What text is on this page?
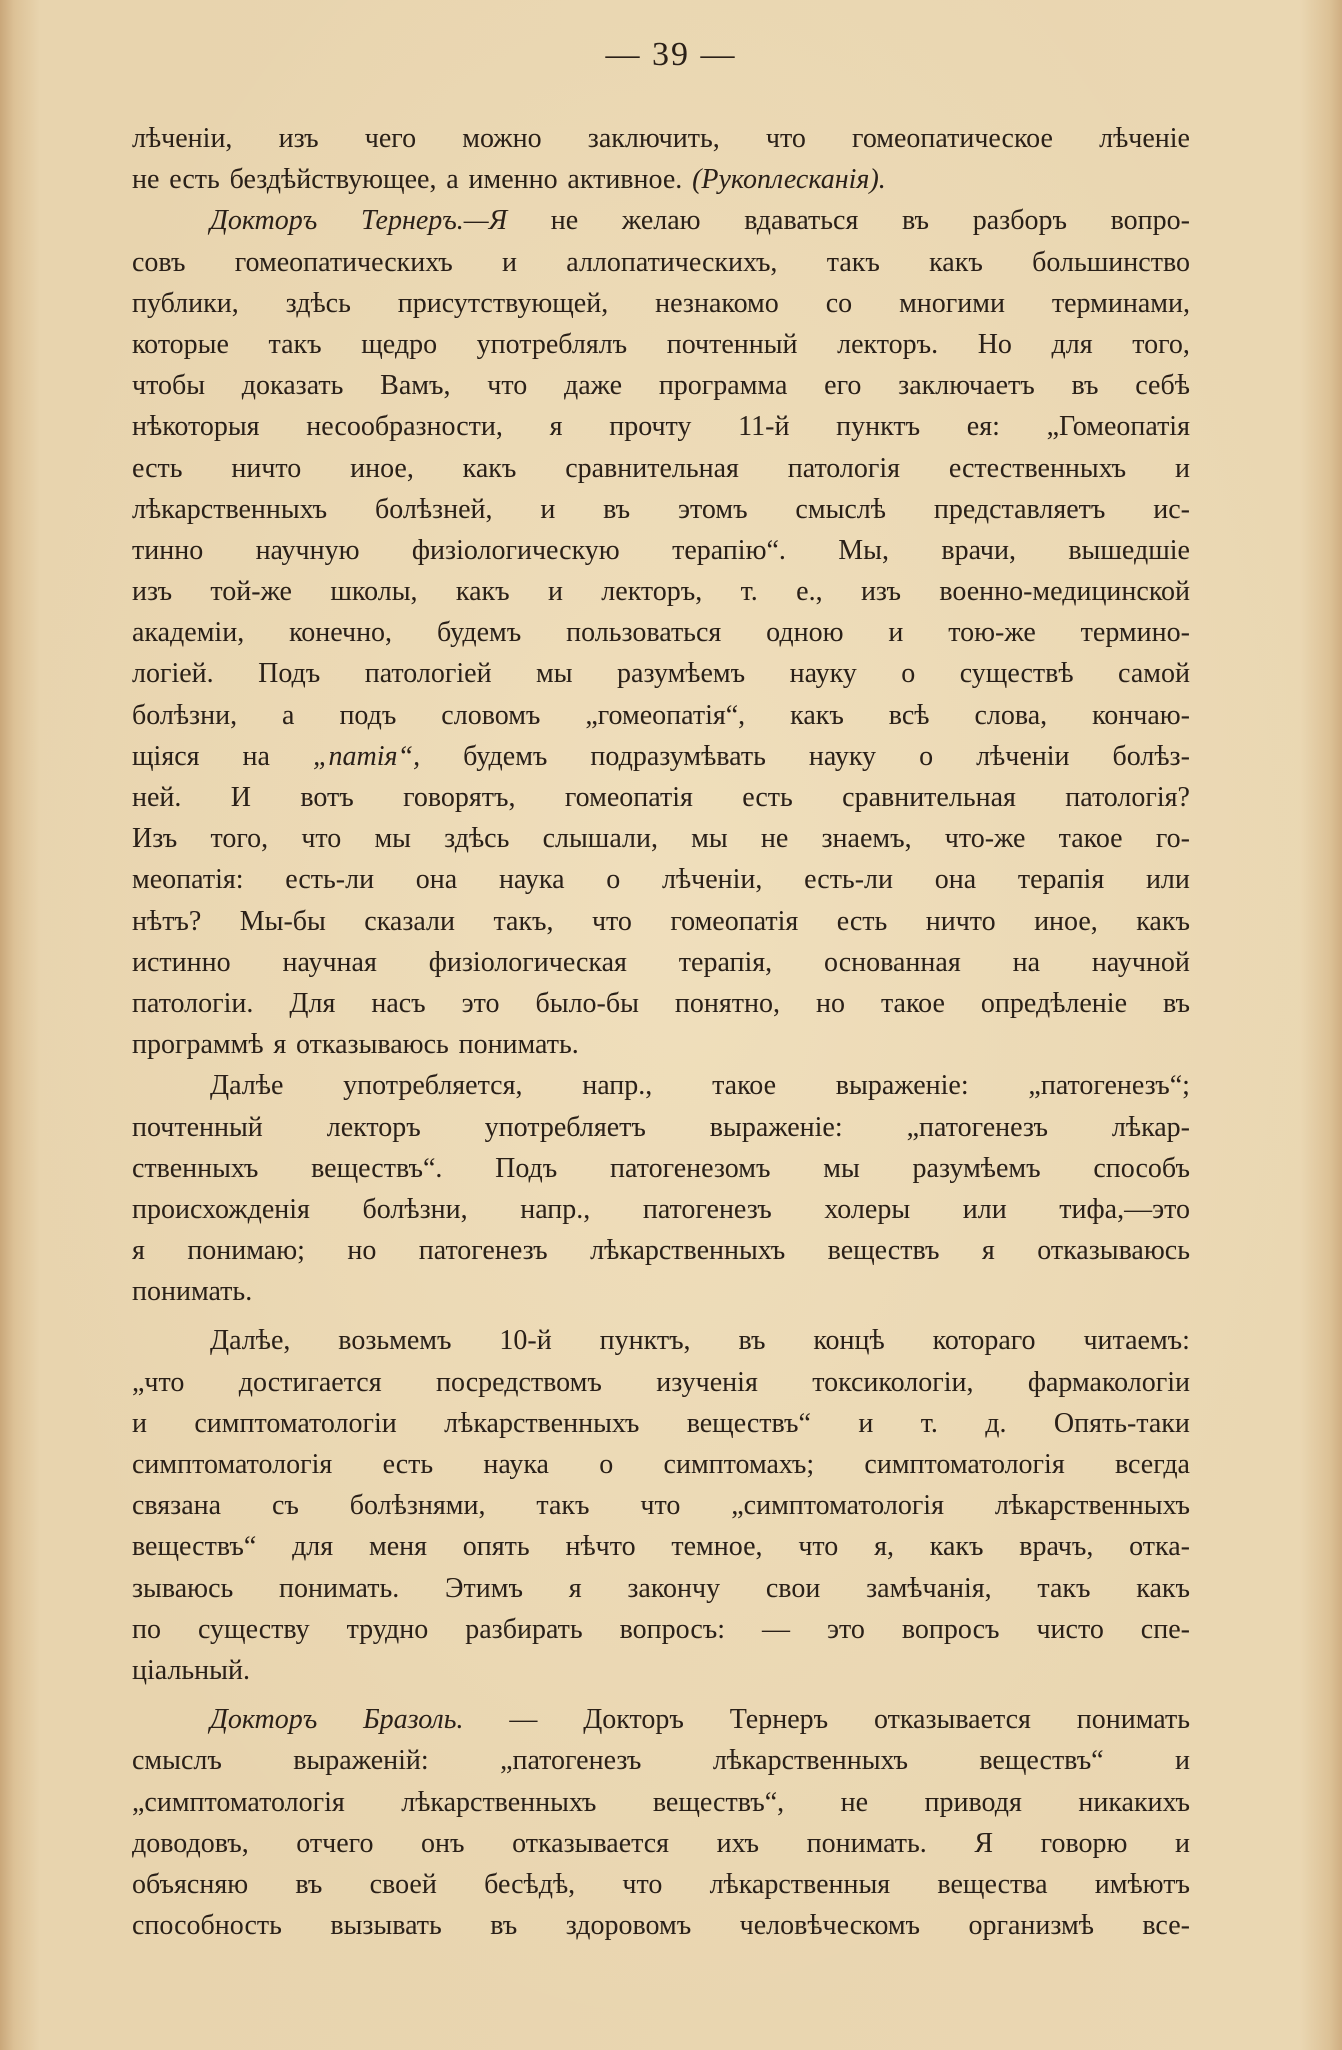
— 39 —
лѣченіи, изъ чего можно заключить, что гомеопатическое лѣченіе
не есть бездѣйствующее, а именно активное. (Рукоплесканія).
Докторъ Тернеръ.—Я не желаю вдаваться въ разборъ вопро-
совъ гомеопатическихъ и аллопатическихъ, такъ какъ большинство
публики, здѣсь присутствующей, незнакомо со многими терминами,
которые такъ щедро употреблялъ почтенный лекторъ. Но для того,
чтобы доказать Вамъ, что даже программа его заключаетъ въ себѣ
нѣкоторыя несообразности, я прочту 11-й пунктъ ея: „Гомеопатія
есть ничто иное, какъ сравнительная патологія естественныхъ и
лѣкарственныхъ болѣзней, и въ этомъ смыслѣ представляетъ ис-
тинно научную физіологическую терапію“. Мы, врачи, вышедшіе
изъ той-же школы, какъ и лекторъ, т. е., изъ военно-медицинской
академіи, конечно, будемъ пользоваться одною и тою-же термино-
логіей. Подъ патологіей мы разумѣемъ науку о существѣ самой
болѣзни, а подъ словомъ „гомеопатія“, какъ всѣ слова, кончаю-
щіяся на „патія“, будемъ подразумѣвать науку о лѣченіи болѣз-
ней. И вотъ говорятъ, гомеопатія есть сравнительная патологія?
Изъ того, что мы здѣсь слышали, мы не знаемъ, что-же такое го-
меопатія: есть-ли она наука о лѣченіи, есть-ли она терапія или
нѣтъ? Мы-бы сказали такъ, что гомеопатія есть ничто иное, какъ
истинно научная физіологическая терапія, основанная на научной
патологіи. Для насъ это было-бы понятно, но такое опредѣленіе въ
программѣ я отказываюсь понимать.
Далѣе употребляется, напр., такое выраженіе: „патогенезъ“;
почтенный лекторъ употребляетъ выраженіе: „патогенезъ лѣкар-
ственныхъ веществъ“. Подъ патогенезомъ мы разумѣемъ способъ
происхожденія болѣзни, напр., патогенезъ холеры или тифа,—это
я понимаю; но патогенезъ лѣкарственныхъ веществъ я отказываюсь
понимать.
Далѣе, возьмемъ 10-й пунктъ, въ концѣ котораго читаемъ:
„что достигается посредствомъ изученія токсикологіи, фармакологіи
и симптоматологіи лѣкарственныхъ веществъ“ и т. д. Опять-таки
симптоматологія есть наука о симптомахъ; симптоматологія всегда
связана съ болѣзнями, такъ что „симптоматологія лѣкарственныхъ
веществъ“ для меня опять нѣчто темное, что я, какъ врачъ, отка-
зываюсь понимать. Этимъ я закончу свои замѣчанія, такъ какъ
по существу трудно разбирать вопросъ: — это вопросъ чисто спе-
ціальный.
Докторъ Бразоль. — Докторъ Тернеръ отказывается понимать
смыслъ	выраженій:	„патогенезъ	лѣкарственныхъ	веществъ“	и
„симптоматологія лѣкарственныхъ веществъ“, не приводя никакихъ
доводовъ, отчего онъ отказывается ихъ понимать. Я говорю и
объясняю въ своей бесѣдѣ, что лѣкарственныя вещества имѣютъ
способность вызывать въ здоровомъ человѣческомъ организмѣ все-
